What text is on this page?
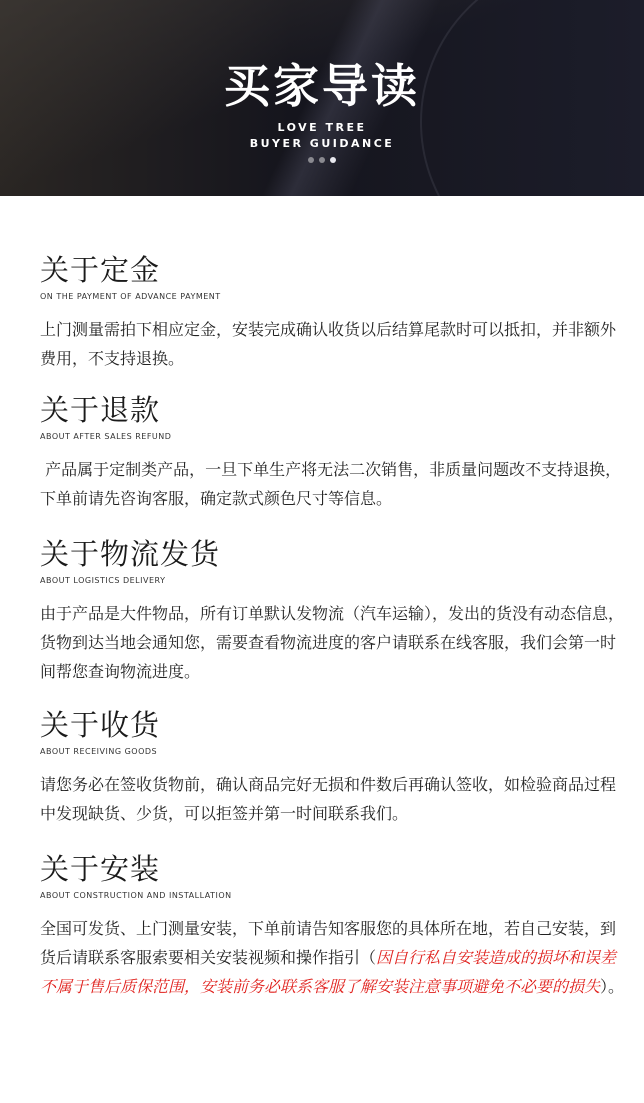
买家导读
LOVE TREE
BUYER GUIDANCE
关于定金
ON THE PAYMENT OF ADVANCE PAYMENT
上门测量需拍下相应定金，安装完成确认收货以后结算尾款时可以抵扣，并非额外费用，不支持退换。
关于退款
ABOUT AFTER SALES REFUND
产品属于定制类产品，一旦下单生产将无法二次销售，非质量问题改不支持退换，下单前请先咨询客服，确定款式颜色尺寸等信息。
关于物流发货
ABOUT LOGISTICS DELIVERY
由于产品是大件物品，所有订单默认发物流（汽车运输），发出的货没有动态信息，货物到达当地会通知您，需要查看物流进度的客户请联系在线客服，我们会第一时间帮您查询物流进度。
关于收货
ABOUT RECEIVING GOODS
请您务必在签收货物前，确认商品完好无损和件数后再确认签收，如检验商品过程中发现缺货、少货，可以拒签并第一时间联系我们。
关于安装
ABOUT CONSTRUCTION AND INSTALLATION
全国可发货、上门测量安装，下单前请告知客服您的具体所在地，若自己安装，到货后请联系客服索要相关安装视频和操作指引（因自行私自安装造成的损坏和误差不属于售后质保范围，安装前务必联系客服了解安装注意事项避免不必要的损失）。
